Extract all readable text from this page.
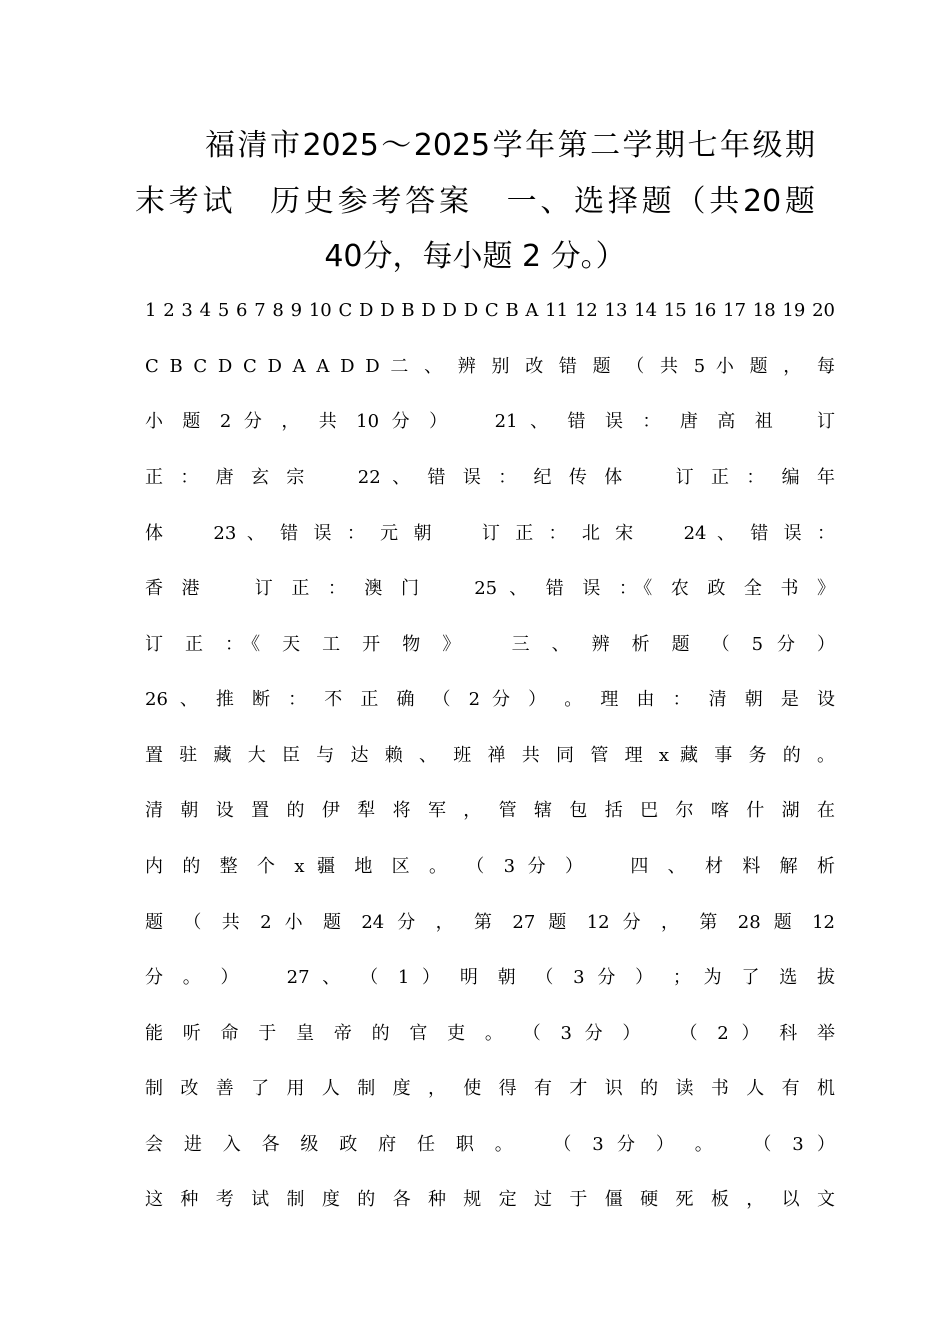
福清市2025～2025学年第二学期七年级期
末考试　历史参考答案　一、选择题（共20题
40分，每小题 2 分。）
1 2 3 4 5 6 7 8 9 10 C D D B D D D C B A 11 12 13 14 15 16 17 18 19 20
C B C D C D A A D D 二 、 辨 别 改 错 题 （ 共 5 小 题 ， 每
小 题 2 分 ， 共 10 分 ）　　21 、 错 误 ： 唐 高 祖　 订
正 ： 唐 玄 宗　　22 、 错 误 ： 纪 传 体　　订 正 ： 编 年
体　　23 、 错 误 ： 元 朝　　订 正 ： 北 宋　　24 、 错 误 ：
香 港　　订 正 ： 澳 门　　25 、 错 误 ：《 农 政 全 书 》
订 正 ：《 天 工 开 物 》　　三 、 辨 析 题 （ 5 分 ）
26 、 推 断 ： 不 正 确 （ 2 分 ） 。 理 由 ： 清 朝 是 设
置 驻 藏 大 臣 与 达 赖 、 班 禅 共 同 管 理 x 藏 事 务 的 。
清 朝 设 置 的 伊 犁 将 军 ， 管 辖 包 括 巴 尔 喀 什 湖 在
内 的 整 个 x 疆 地 区 。 （ 3 分 ）　　四 、 材 料 解 析
题 （ 共 2 小 题 24 分 ， 第 27 题 12 分 ， 第 28 题 12
分 。 ）　　27 、 （ 1 ） 明 朝 （ 3 分 ） ； 为 了 选 拔
能 听 命 于 皇 帝 的 官 吏 。 （ 3 分 ）　　（ 2 ） 科 举
制 改 善 了 用 人 制 度 ， 使 得 有 才 识 的 读 书 人 有 机
会 进 入 各 级 政 府 任 职 。　　（ 3 分 ） 。　　（ 3 ）
这 种 考 试 制 度 的 各 种 规 定 过 于 僵 硬 死 板 ， 以 文
